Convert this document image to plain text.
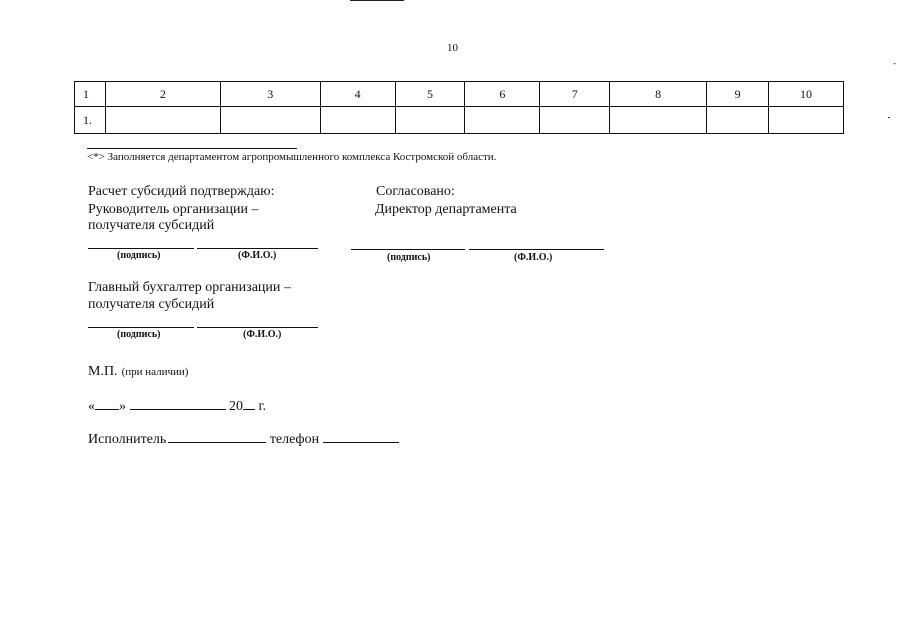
10
-
1	2	3	4	5	6	7	8	9	10
1.									
<*> Заполняется департаментом агропромышленного комплекса Костромской области.
Расчет субсидий подтверждаю:
Руководитель организации –
получателя субсидий
(подпись)	(Ф.И.О.)
Согласовано:
Директор департамента
(подпись)	(Ф.И.О.)
Главный бухгалтер организации –
получателя субсидий
(подпись)	(Ф.И.О.)
М.П. (при наличии)
« »	20 г.
Исполнитель	телефон
